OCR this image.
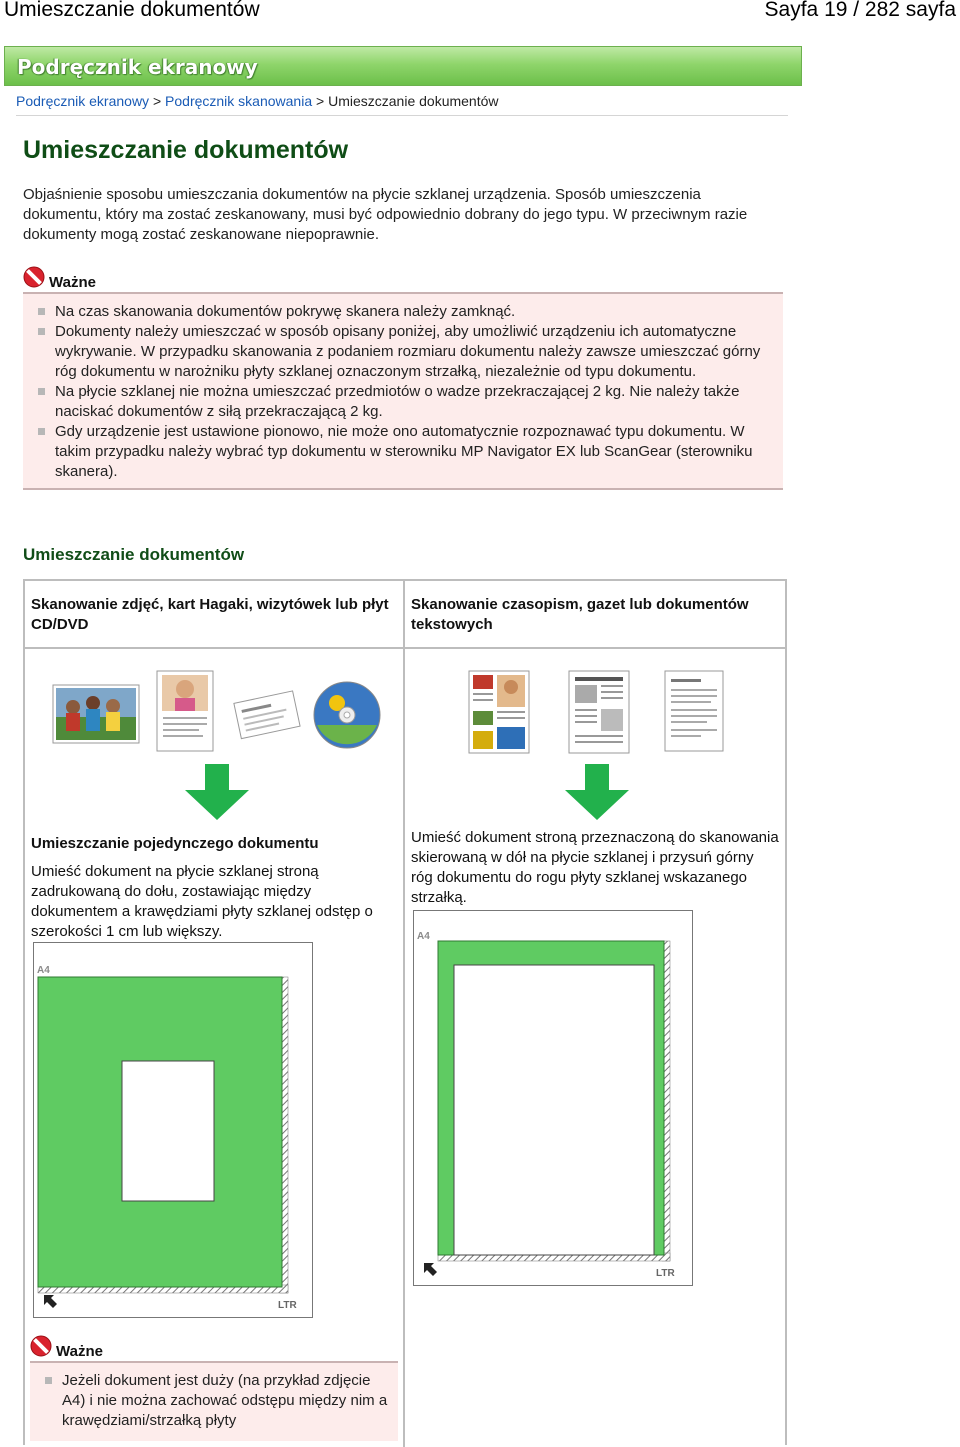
Umieszczanie dokumentów	Sayfa 19 / 282 sayfa
Podręcznik ekranowy
Podręcznik ekranowy > Podręcznik skanowania > Umieszczanie dokumentów
Umieszczanie dokumentów

Objaśnienie sposobu umieszczania dokumentów na płycie szklanej urządzenia. Sposób umieszczenia dokumentu, który ma zostać zeskanowany, musi być odpowiednio dobrany do jego typu. W przeciwnym razie dokumenty mogą zostać zeskanowane niepoprawnie.

Ważne
Na czas skanowania dokumentów pokrywę skanera należy zamknąć.
Dokumenty należy umieszczać w sposób opisany poniżej, aby umożliwić urządzeniu ich automatyczne wykrywanie. W przypadku skanowania z podaniem rozmiaru dokumentu należy zawsze umieszczać górny róg dokumentu w narożniku płyty szklanej oznaczonym strzałką, niezależnie od typu dokumentu.
Na płycie szklanej nie można umieszczać przedmiotów o wadze przekraczającej 2 kg. Nie należy także naciskać dokumentów z siłą przekraczającą 2 kg.
Gdy urządzenie jest ustawione pionowo, nie może ono automatycznie rozpoznawać typu dokumentu. W takim przypadku należy wybrać typ dokumentu w sterowniku MP Navigator EX lub ScanGear (sterowniku skanera).
Umieszczanie dokumentów
Skanowanie zdjęć, kart Hagaki, wizytówek lub płyt CD/DVD
Skanowanie czasopism, gazet lub dokumentów tekstowych
Umieszczanie pojedynczego dokumentu

Umieść dokument na płycie szklanej stroną zadrukowaną do dołu, zostawiając między dokumentem a krawędziami płyty szklanej odstęp o szerokości 1 cm lub większy.

A4
LTR

Umieść dokument stroną przeznaczoną do skanowania skierowaną w dół na płycie szklanej i przysuń górny róg dokumentu do rogu płyty szklanej wskazanego strzałką.

A4
LTR
Ważne
Jeżeli dokument jest duży (na przykład zdjęcie A4) i nie można zachować odstępu między nim a krawędziami/strzałką płyty
